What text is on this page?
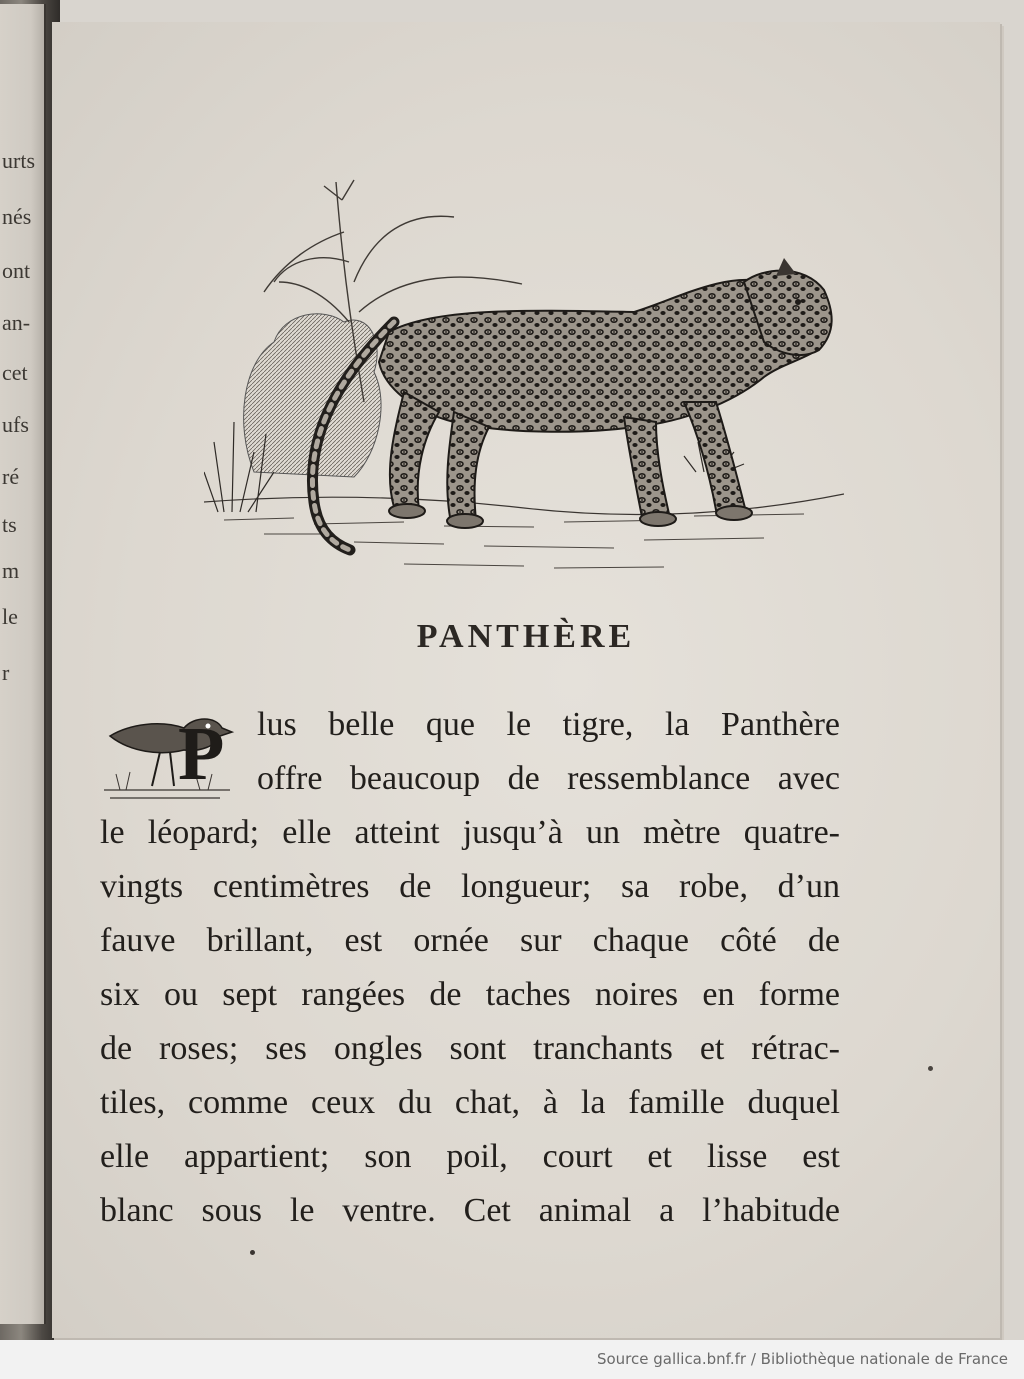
urts
nés
ont
an-
cet
ufs
ré
ts
m
le
r
PANTHÈRE
P lus belle que le tigre, la Panthère
offre beaucoup de ressemblance avec
le léopard; elle atteint jusqu’à un mètre quatre-
vingts centimètres de longueur; sa robe, d’un
fauve brillant, est ornée sur chaque côté de
six ou sept rangées de taches noires en forme
de roses; ses ongles sont tranchants et rétrac-
tiles, comme ceux du chat, à la famille duquel
elle appartient; son poil, court et lisse est
blanc sous le ventre. Cet animal a l’habitude
Source gallica.bnf.fr / Bibliothèque nationale de France
